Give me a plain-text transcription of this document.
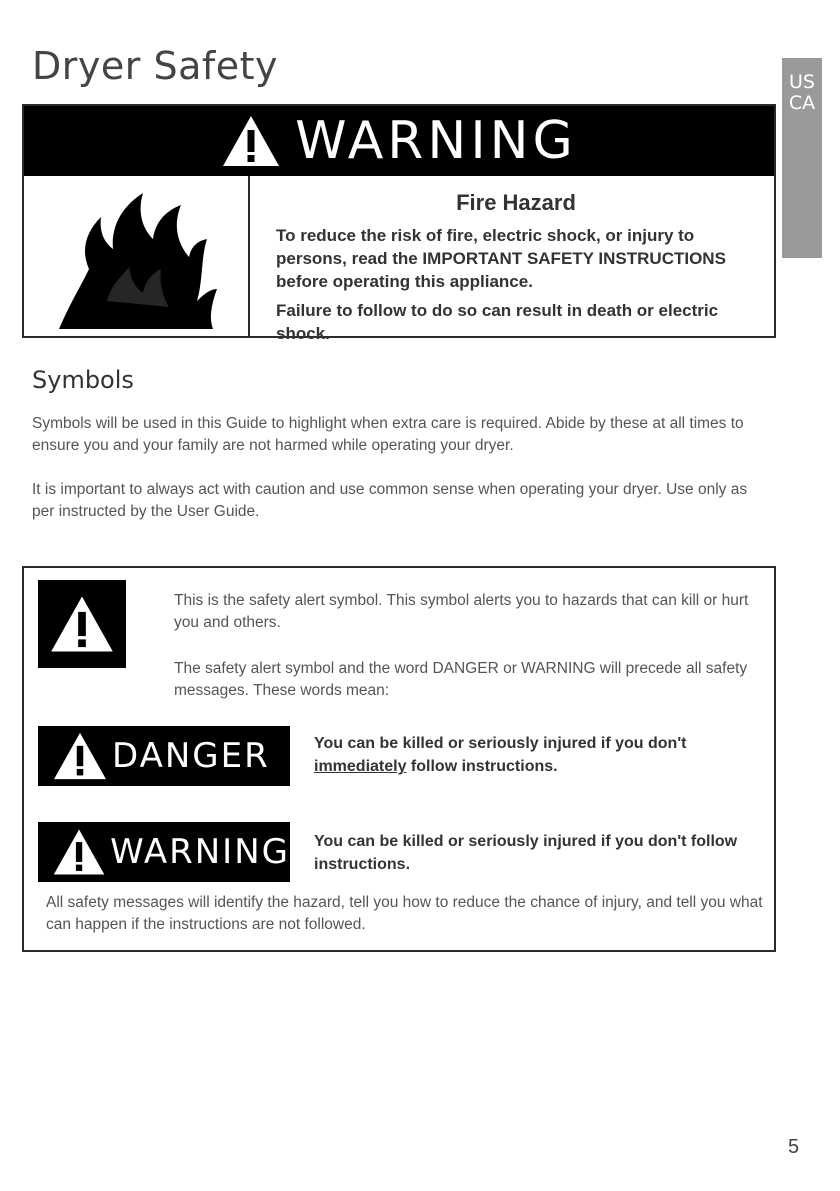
Dryer Safety	US
CA
WARNING
Fire Hazard

To reduce the risk of fire, electric shock, or injury to persons, read the IMPORTANT SAFETY INSTRUCTIONS before operating this appliance.

Failure to follow to do so can result in death or electric shock.

Symbols

Symbols will be used in this Guide to highlight when extra care is required. Abide by these at all times to ensure you and your family are not harmed while operating your dryer.

It is important to always act with caution and use common sense when operating your dryer. Use only as per instructed by the User Guide.

This is the safety alert symbol. This symbol alerts you to hazards that can kill or hurt you and others.

The safety alert symbol and the word DANGER or WARNING will precede all safety messages. These words mean:

DANGER	You can be killed or seriously injured if you don't immediately follow instructions.

WARNING You can be killed or seriously injured if you don't follow instructions.

All safety messages will identify the hazard, tell you how to reduce the chance of injury, and tell you what can happen if the instructions are not followed.

5
